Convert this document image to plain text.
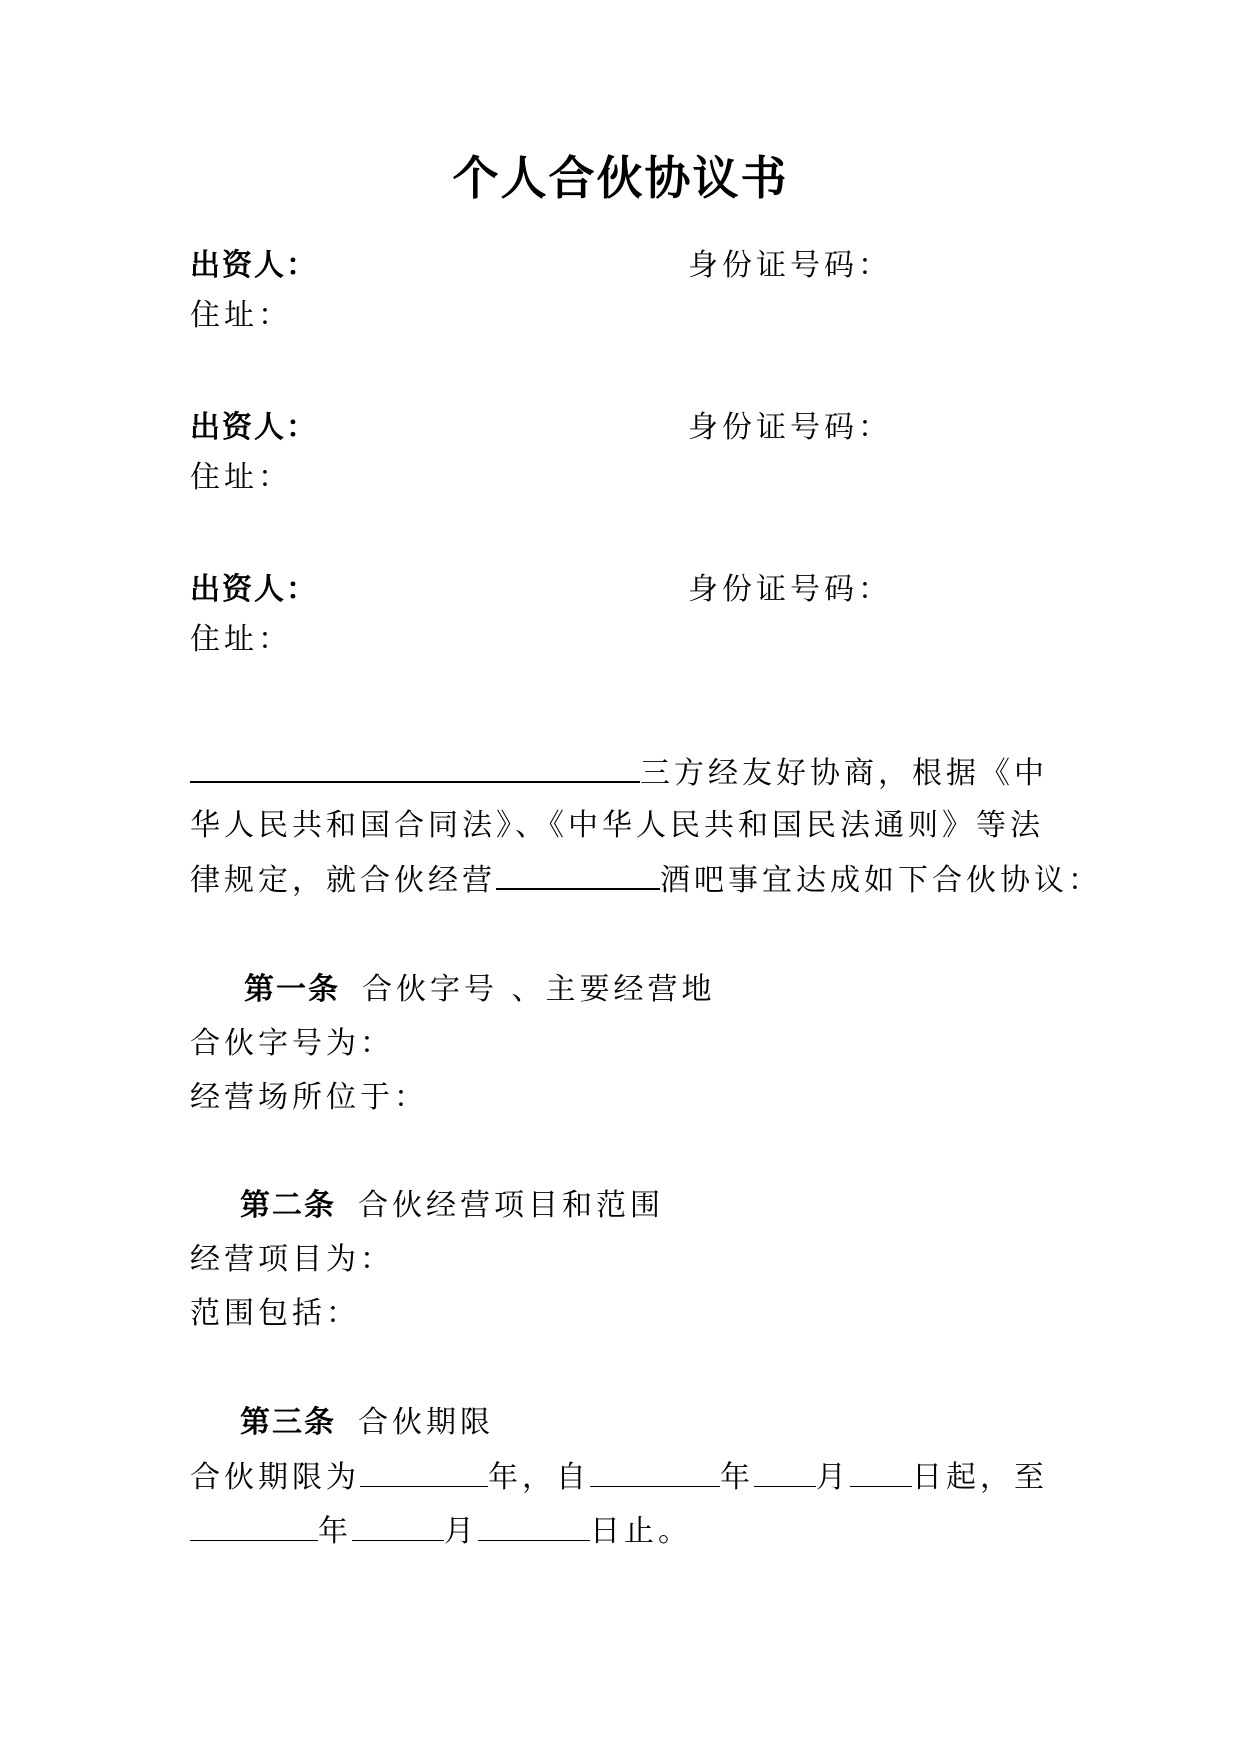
个人合伙协议书
出资人：	身份证号码：
住址：
出资人：	身份证号码：
住址：
出资人：	身份证号码：
住址：
三方经友好协商，根据《中
华人民共和国合同法》、《中华人民共和国民法通则》等法
律规定，就合伙经营	酒吧事宜达成如下合伙协议：
第一条 合伙字号 、主要经营地
合伙字号为：
经营场所位于：
第二条 合伙经营项目和范围
经营项目为：
范围包括：
第三条 合伙期限
合伙期限为	年，自	年 月 日起，至
年	月	日止。
